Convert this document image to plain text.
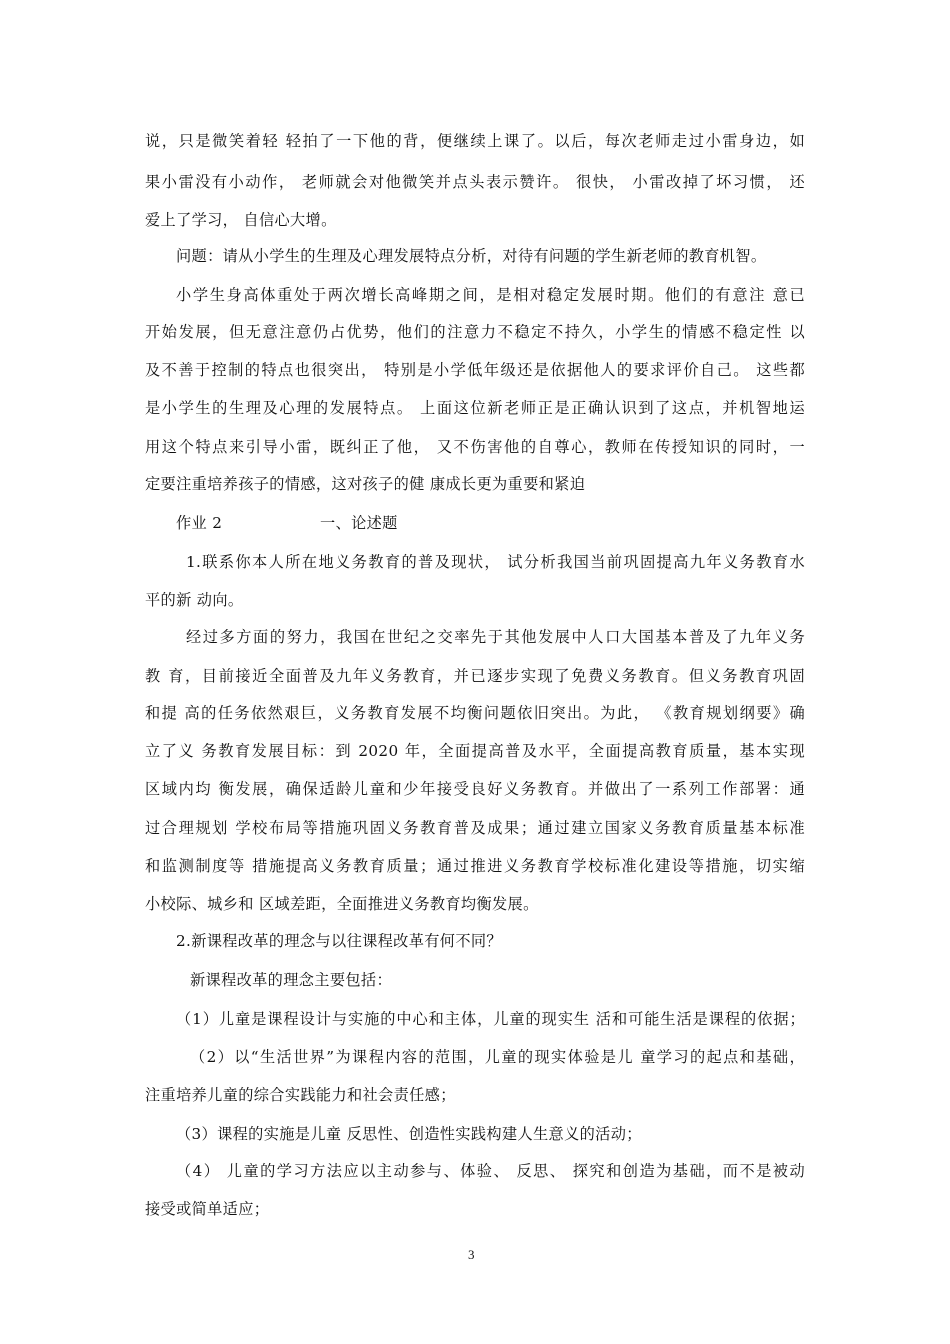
说，只是微笑着轻 轻拍了一下他的背，便继续上课了。以后，每次老师走过小雷身边，如
果小雷没有小动作， 老师就会对他微笑并点头表示赞许。 很快， 小雷改掉了坏习惯， 还
爱上了学习， 自信心大增。
问题：请从小学生的生理及心理发展特点分析，对待有问题的学生新老师的教育机智。
小学生身高体重处于两次增长高峰期之间，是相对稳定发展时期。他们的有意注 意已
开始发展，但无意注意仍占优势，他们的注意力不稳定不持久，小学生的情感不稳定性 以
及不善于控制的特点也很突出， 特别是小学低年级还是依据他人的要求评价自己。 这些都
是小学生的生理及心理的发展特点。 上面这位新老师正是正确认识到了这点，并机智地运
用这个特点来引导小雷，既纠正了他， 又不伤害他的自尊心，教师在传授知识的同时，一
定要注重培养孩子的情感，这对孩子的健 康成长更为重要和紧迫
作业 2	一、论述题
1.联系你本人所在地义务教育的普及现状， 试分析我国当前巩固提高九年义务教育水
平的新 动向。
经过多方面的努力，我国在世纪之交率先于其他发展中人口大国基本普及了九年义务
教 育，目前接近全面普及九年义务教育，并已逐步实现了免费义务教育。但义务教育巩固
和提 高的任务依然艰巨，义务教育发展不均衡问题依旧突出。为此， 《教育规划纲要》确
立了义 务教育发展目标：到 2020 年，全面提高普及水平，全面提高教育质量，基本实现
区域内均 衡发展，确保适龄儿童和少年接受良好义务教育。并做出了一系列工作部署：通
过合理规划 学校布局等措施巩固义务教育普及成果；通过建立国家义务教育质量基本标准
和监测制度等 措施提高义务教育质量；通过推进义务教育学校标准化建设等措施，切实缩
小校际、城乡和 区域差距，全面推进义务教育均衡发展。
2.新课程改革的理念与以往课程改革有何不同？
新课程改革的理念主要包括：
（1）儿童是课程设计与实施的中心和主体，儿童的现实生 活和可能生活是课程的依据；
（2）以“生活世界”为课程内容的范围，儿童的现实体验是儿 童学习的起点和基础，
注重培养儿童的综合实践能力和社会责任感；
（3）课程的实施是儿童 反思性、创造性实践构建人生意义的活动；
（4） 儿童的学习方法应以主动参与、体验、 反思、 探究和创造为基础，而不是被动
接受或简单适应；
3
